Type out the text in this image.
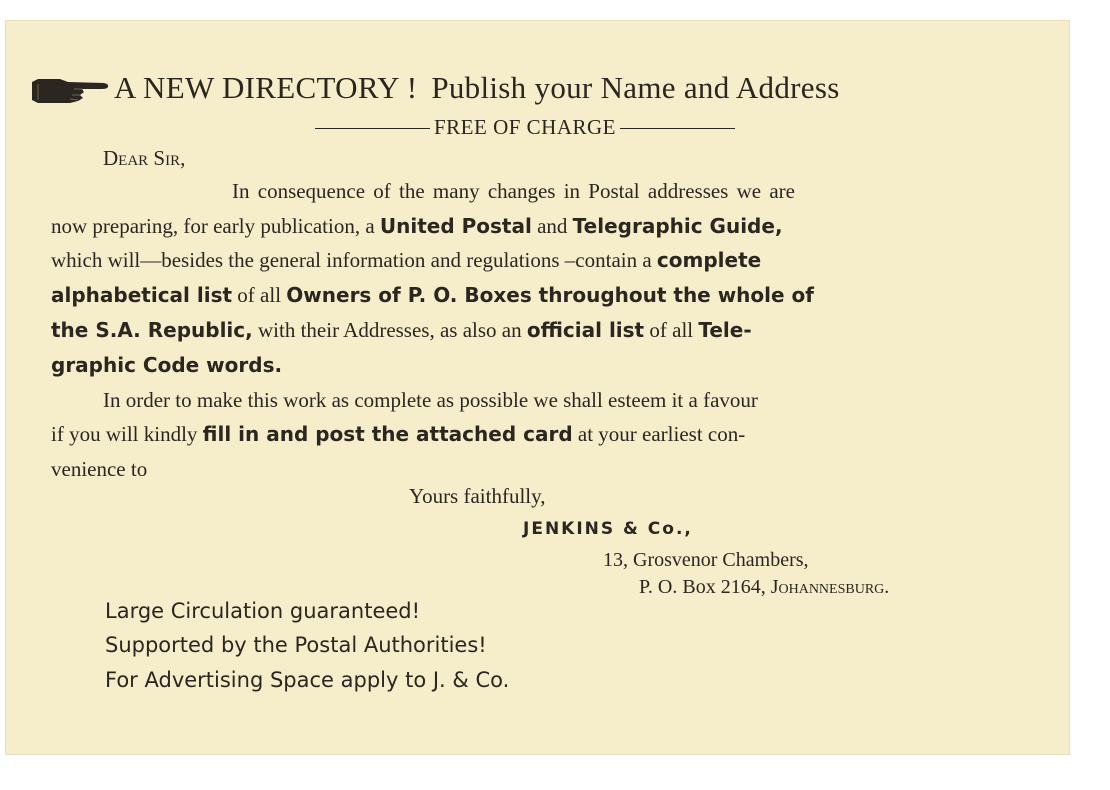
A NEW DIRECTORY ! Publish your Name and Address
FREE OF CHARGE
Dear Sir,
In consequence of the many changes in Postal addresses we are
now preparing, for early publication, a United Postal and Telegraphic Guide,
which will—besides the general information and regulations –contain a complete
alphabetical list of all Owners of P. O. Boxes throughout the whole of
the S.A. Republic, with their Addresses, as also an official list of all Tele-
graphic Code words.
In order to make this work as complete as possible we shall esteem it a favour
if you will kindly fill in and post the attached card at your earliest con-
venience to
Yours faithfully,
JENKINS & Co.,
13, Grosvenor Chambers,
P. O. Box 2164, Johannesburg.
Large Circulation guaranteed!
Supported by the Postal Authorities!
For Advertising Space apply to J. & Co.
